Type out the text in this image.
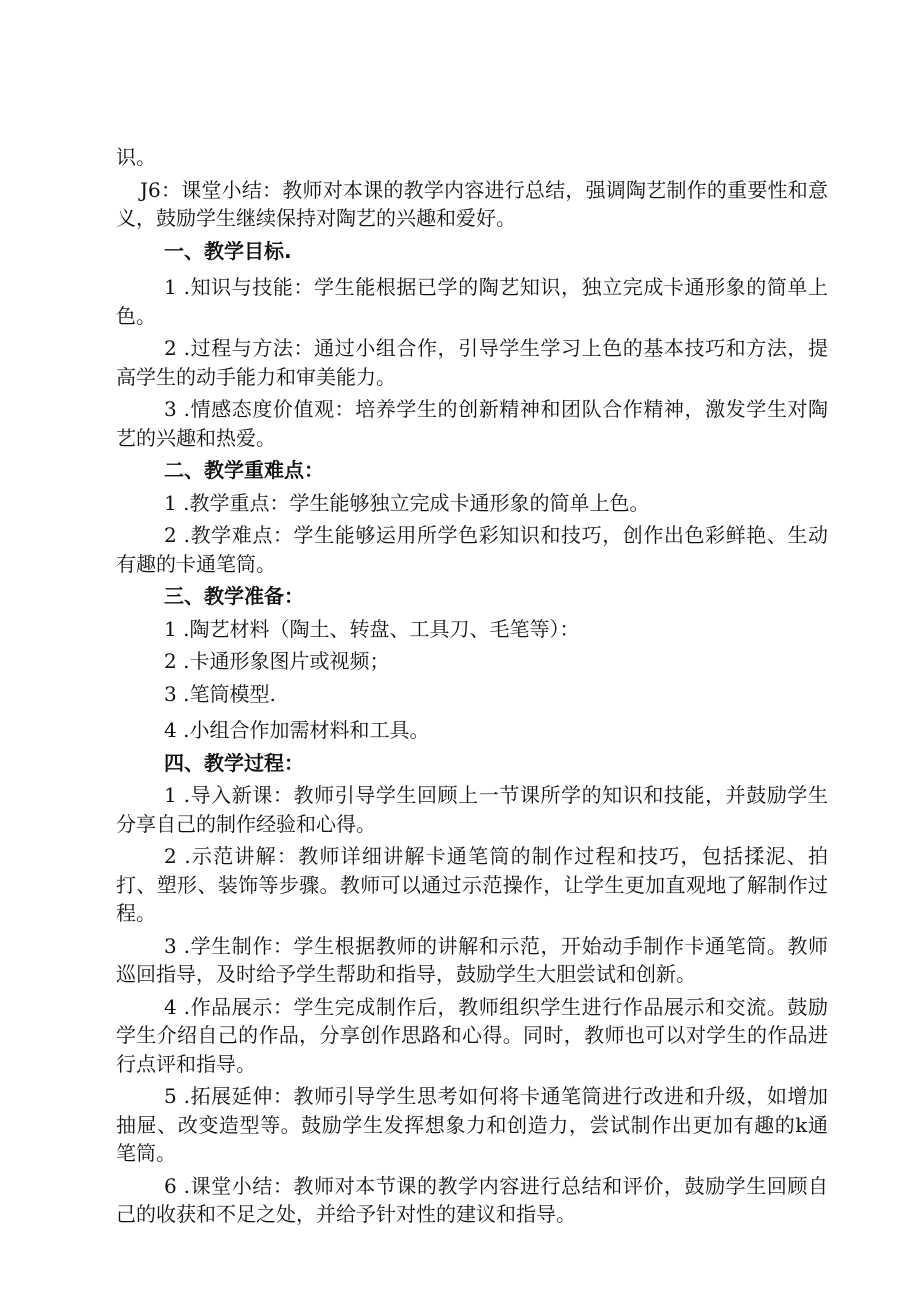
识。

J6：课堂小结：教师对本课的教学内容进行总结，强调陶艺制作的重要性和意义，鼓励学生继续保持对陶艺的兴趣和爱好。

一、教学目标.

1 .知识与技能：学生能根据已学的陶艺知识，独立完成卡通形象的简单上色。

2 .过程与方法：通过小组合作，引导学生学习上色的基本技巧和方法，提高学生的动手能力和审美能力。

3 .情感态度价值观：培养学生的创新精神和团队合作精神，激发学生对陶艺的兴趣和热爱。

二、教学重难点：

1 .教学重点：学生能够独立完成卡通形象的简单上色。

2 .教学难点：学生能够运用所学色彩知识和技巧，创作出色彩鲜艳、生动有趣的卡通笔筒。

三、教学准备：

1 .陶艺材料（陶土、转盘、工具刀、毛笔等）：

2 .卡通形象图片或视频；

3 .笔筒模型.

4 .小组合作加需材料和工具。

四、教学过程：

1 .导入新课：教师引导学生回顾上一节课所学的知识和技能，并鼓励学生分享自己的制作经验和心得。

2 .示范讲解：教师详细讲解卡通笔筒的制作过程和技巧，包括揉泥、拍打、塑形、装饰等步骤。教师可以通过示范操作，让学生更加直观地了解制作过程。

3 .学生制作：学生根据教师的讲解和示范，开始动手制作卡通笔筒。教师巡回指导，及时给予学生帮助和指导，鼓励学生大胆尝试和创新。

4 .作品展示：学生完成制作后，教师组织学生进行作品展示和交流。鼓励学生介绍自己的作品，分享创作思路和心得。同时，教师也可以对学生的作品进行点评和指导。

5 .拓展延伸：教师引导学生思考如何将卡通笔筒进行改进和升级，如增加抽屉、改变造型等。鼓励学生发挥想象力和创造力，尝试制作出更加有趣的k通笔筒。

6 .课堂小结：教师对本节课的教学内容进行总结和评价，鼓励学生回顾自己的收获和不足之处，并给予针对性的建议和指导。
